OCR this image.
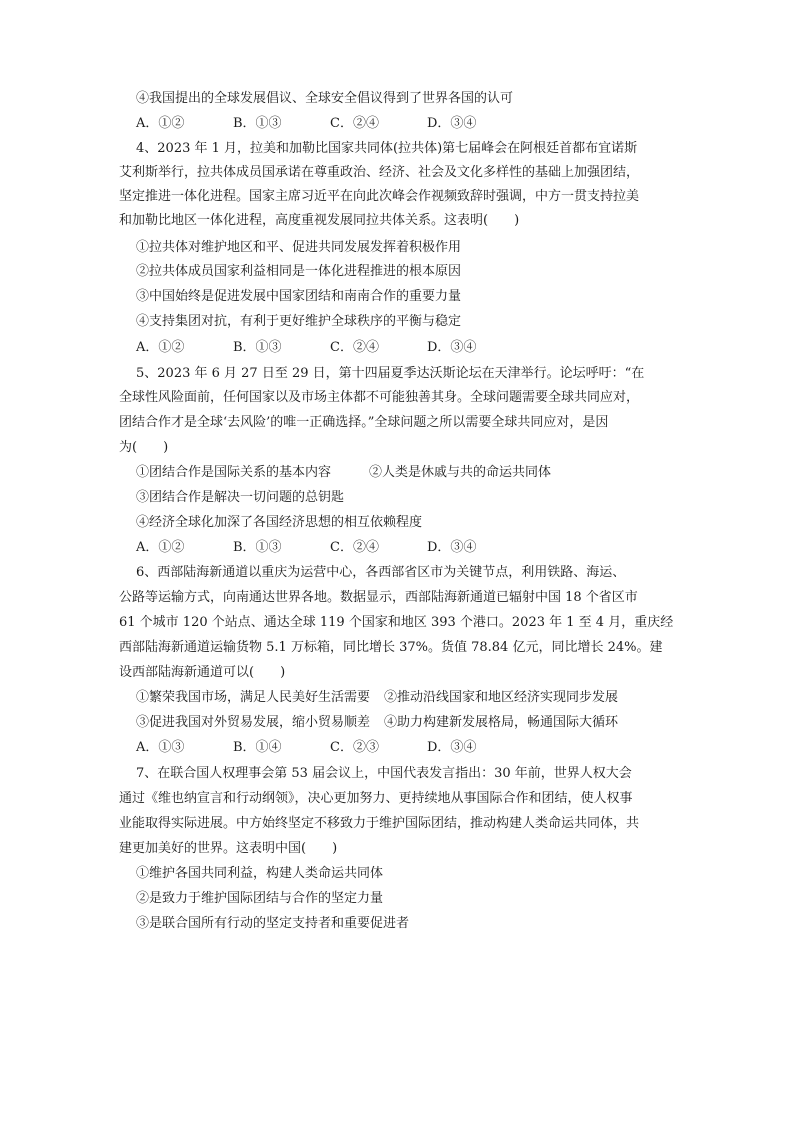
④我国提出的全球发展倡议、全球安全倡议得到了世界各国的认可
A．①②	B．①③	C．②④	D．③④
4、2023 年 1 月，拉美和加勒比国家共同体(拉共体)第七届峰会在阿根廷首都布宜诺斯
艾利斯举行，拉共体成员国承诺在尊重政治、经济、社会及文化多样性的基础上加强团结，
坚定推进一体化进程。国家主席习近平在向此次峰会作视频致辞时强调，中方一贯支持拉美
和加勒比地区一体化进程，高度重视发展同拉共体关系。这表明(　　)
①拉共体对维护地区和平、促进共同发展发挥着积极作用
②拉共体成员国家利益相同是一体化进程推进的根本原因
③中国始终是促进发展中国家团结和南南合作的重要力量
④支持集团对抗，有利于更好维护全球秩序的平衡与稳定
A．①②	B．①③	C．②④	D．③④
5、2023 年 6 月 27 日至 29 日，第十四届夏季达沃斯论坛在天津举行。论坛呼吁：“在
全球性风险面前，任何国家以及市场主体都不可能独善其身。全球问题需要全球共同应对，
团结合作才是全球‘去风险’的唯一正确选择。”全球问题之所以需要全球共同应对，是因
为(　　)
①团结合作是国际关系的基本内容	②人类是休戚与共的命运共同体
③团结合作是解决一切问题的总钥匙
④经济全球化加深了各国经济思想的相互依赖程度
A．①②	B．①③	C．②④	D．③④
6、西部陆海新通道以重庆为运营中心，各西部省区市为关键节点，利用铁路、海运、
公路等运输方式，向南通达世界各地。数据显示，西部陆海新通道已辐射中国 18 个省区市
61 个城市 120 个站点、通达全球 119 个国家和地区 393 个港口。2023 年 1 至 4 月，重庆经
西部陆海新通道运输货物 5.1 万标箱，同比增长 37%。货值 78.84 亿元，同比增长 24%。建
设西部陆海新通道可以(　　)
①繁荣我国市场，满足人民美好生活需要 ②推动沿线国家和地区经济实现同步发展
③促进我国对外贸易发展，缩小贸易顺差 ④助力构建新发展格局，畅通国际大循环
A．①③	B．①④	C．②③	D．③④
7、在联合国人权理事会第 53 届会议上，中国代表发言指出：30 年前，世界人权大会
通过《维也纳宣言和行动纲领》，决心更加努力、更持续地从事国际合作和团结，使人权事
业能取得实际进展。中方始终坚定不移致力于维护国际团结，推动构建人类命运共同体，共
建更加美好的世界。这表明中国(　　)
①维护各国共同利益，构建人类命运共同体
②是致力于维护国际团结与合作的坚定力量
③是联合国所有行动的坚定支持者和重要促进者
